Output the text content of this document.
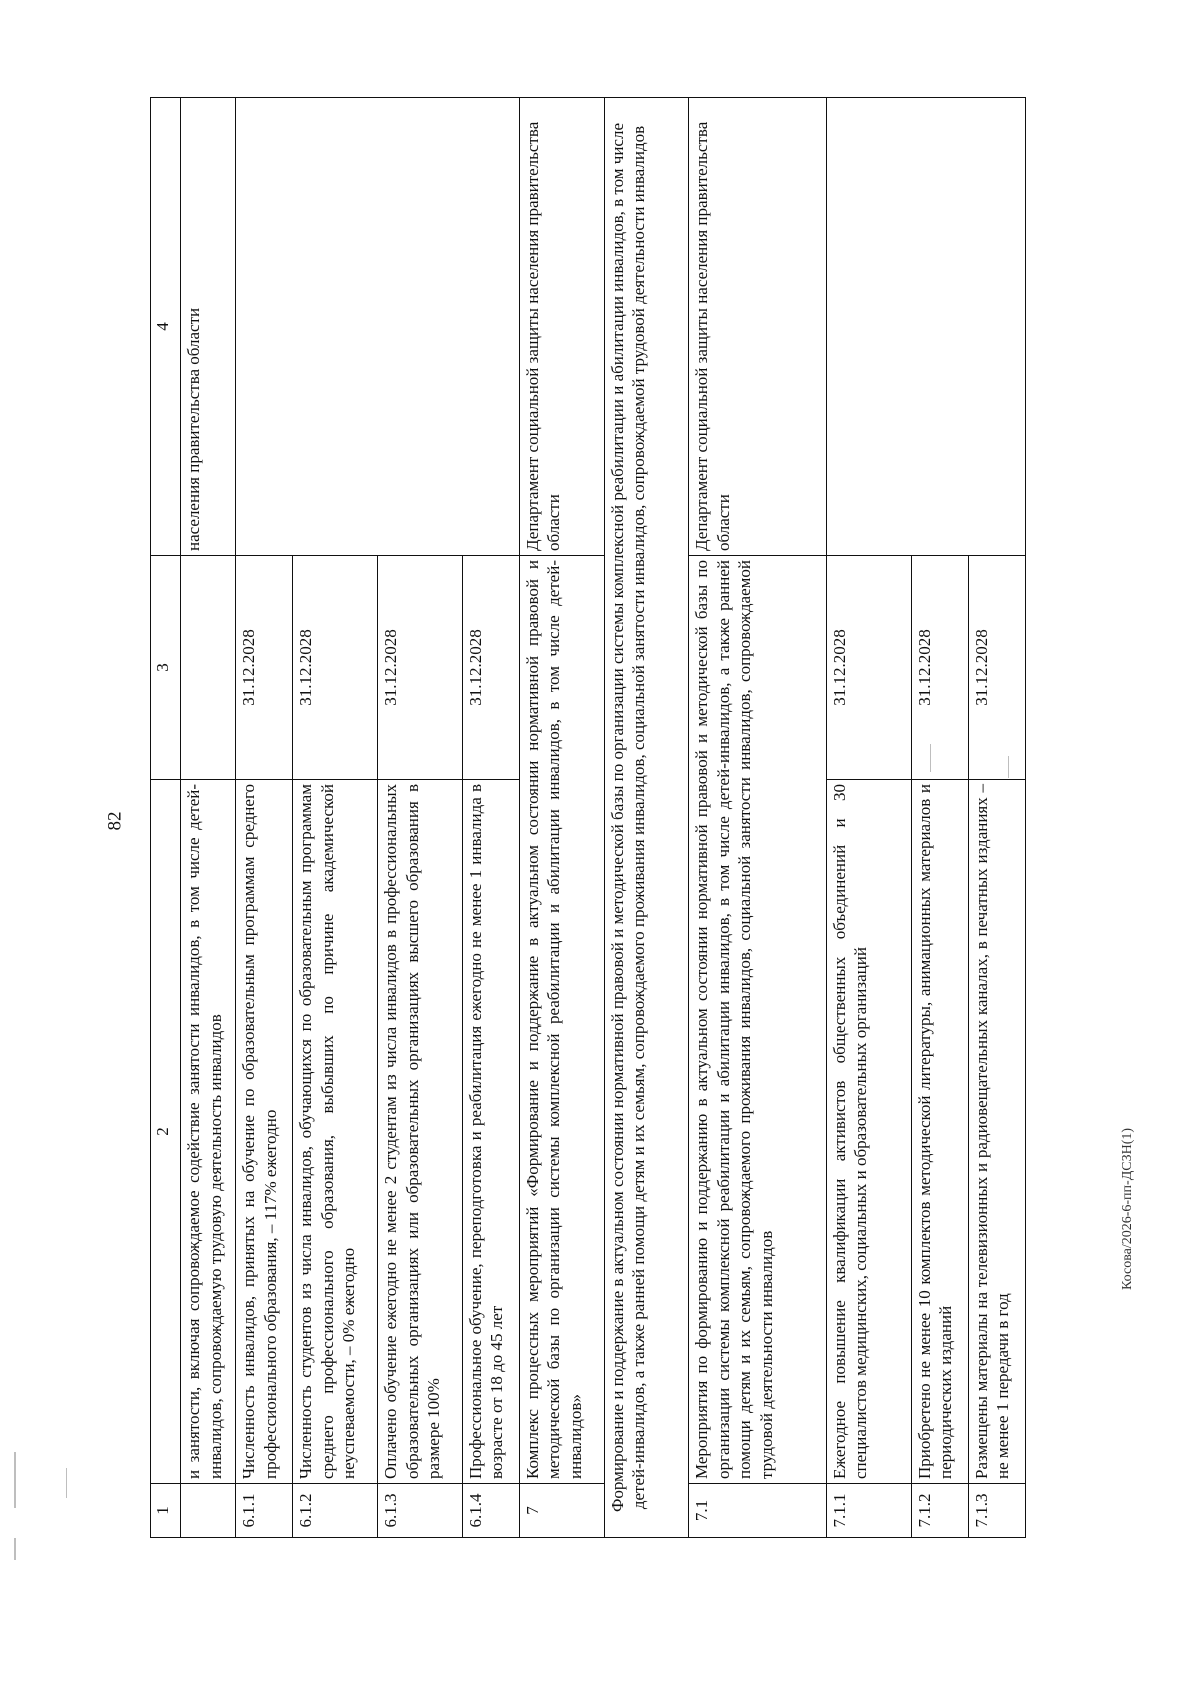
82
Косова/2026-6-пп-ДСЗН(1)
1	2	3	4
	и занятости, включая сопровождаемое содействие занятости инвалидов, в том числе детей-инвалидов, сопровождаемую трудовую деятельность инвалидов		населения правительства области
6.1.1	Численность инвалидов, принятых на обучение по образовательным программам среднего профессионального образования, – 117% ежегодно	31.12.2028	
6.1.2	Численность студентов из числа инвалидов, обучающихся по образовательным программам среднего профессионального образования, выбывших по причине академической неуспеваемости, – 0% ежегодно	31.12.2028	
6.1.3	Оплачено обучение ежегодно не менее 2 студентам из числа инвалидов в профессиональных образовательных организациях или образовательных организациях высшего образования в размере 100%	31.12.2028	
6.1.4	Профессиональное обучение, переподготовка и реабилитация ежегодно не менее 1 инвалида в возрасте от 18 до 45 лет	31.12.2028	
7	Комплекс процессных мероприятий «Формирование и поддержание в актуальном состоянии нормативной правовой и методической базы по организации системы комплексной реабилитации и абилитации инвалидов, в том числе детей-инвалидов»		Департамент социальной защиты населения правительства области
Формирование и поддержание в актуальном состоянии нормативной правовой и методической базы по организации системы комплексной реабилитации и абилитации инвалидов, в том числе детей-инвалидов, а также ранней помощи детям и их семьям, сопровождаемого проживания инвалидов, социальной занятости инвалидов, сопровождаемой трудовой деятельности инвалидов			
7.1	Мероприятия по формированию и поддержанию в актуальном состоянии нормативной правовой и методической базы по организации системы комплексной реабилитации и абилитации инвалидов, в том числе детей-инвалидов, а также ранней помощи детям и их семьям, сопровождаемого проживания инвалидов, социальной занятости инвалидов, сопровождаемой трудовой деятельности инвалидов		Департамент социальной защиты населения правительства области
7.1.1	Ежегодное повышение квалификации активистов общественных объединений и 30 специалистов медицинских, социальных и образовательных организаций	31.12.2028	
7.1.2	Приобретено не менее 10 комплектов методической литературы, анимационных материалов и периодических изданий	31.12.2028	
7.1.3	Размещены материалы на телевизионных и радиовещательных каналах, в печатных изданиях – не менее 1 передачи в год	31.12.2028	
